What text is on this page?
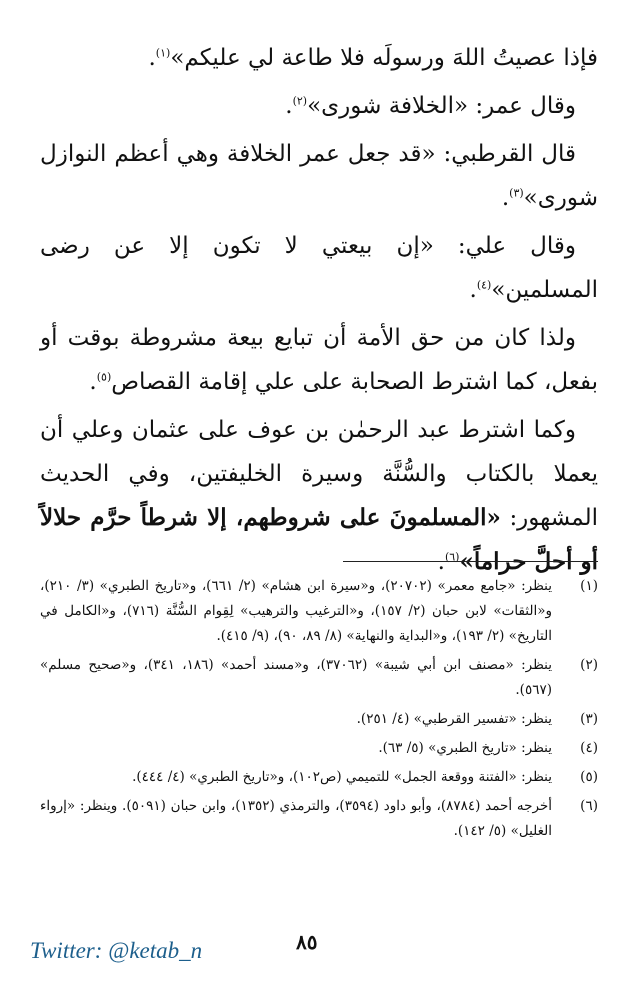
فإذا عصيتُ اللهَ ورسولَه فلا طاعة لي عليكم»$^{(١)}$.

وقال عمر: «الخلافة شورى»$^{(٢)}$.

قال القرطبي: «قد جعل عمر الخلافة وهي أعظم النوازل شورى»$^{(٣)}$.

وقال علي: «إن بيعتي لا تكون إلا عن رضى المسلمين»$^{(٤)}$.

ولذا كان من حق الأمة أن تبايع بيعة مشروطة بوقت أو بفعل، كما اشترط الصحابة على علي إقامة القصاص$^{(٥)}$.

وكما اشترط عبد الرحمٰن بن عوف على عثمان وعلي أن يعملا بالكتاب والسُّنَّة وسيرة الخليفتين، وفي الحديث المشهور: «المسلمونَ على شروطهم، إلا شرطاً حرَّم حلالاً أو أحلَّ حراماً»$^{(٦)}$.

(١)
ينظر: «جامع معمر» (٢٠٧٠٢)، و«سيرة ابن هشام» (٢/ ٦٦١)، و«تاريخ الطبري» (٣/ ٢١٠)، و«الثقات» لابن حبان (٢/ ١٥٧)، و«الترغيب والترهيب» لِقِوام السُّنَّة (٧١٦)، و«الكامل في التاريخ» (٢/ ١٩٣)، و«البداية والنهاية» (٨/ ٨٩، ٩٠)، (٩/ ٤١٥).
(٢)
ينظر: «مصنف ابن أبي شيبة» (٣٧٠٦٢)، و«مسند أحمد» (١٨٦، ٣٤١)، و«صحيح مسلم» (٥٦٧).
(٣)
ينظر: «تفسير القرطبي» (٤/ ٢٥١).
(٤)
ينظر: «تاريخ الطبري» (٥/ ٦٣).
(٥)
ينظر: «الفتنة ووقعة الجمل» للتميمي (ص١٠٢)، و«تاريخ الطبري» (٤/ ٤٤٤).
(٦)
أخرجه أحمد (٨٧٨٤)، وأبو داود (٣٥٩٤)، والترمذي (١٣٥٢)، وابن حبان (٥٠٩١). وينظر: «إرواء الغليل» (٥/ ١٤٢).
٨٥
Twitter: @ketab_n
